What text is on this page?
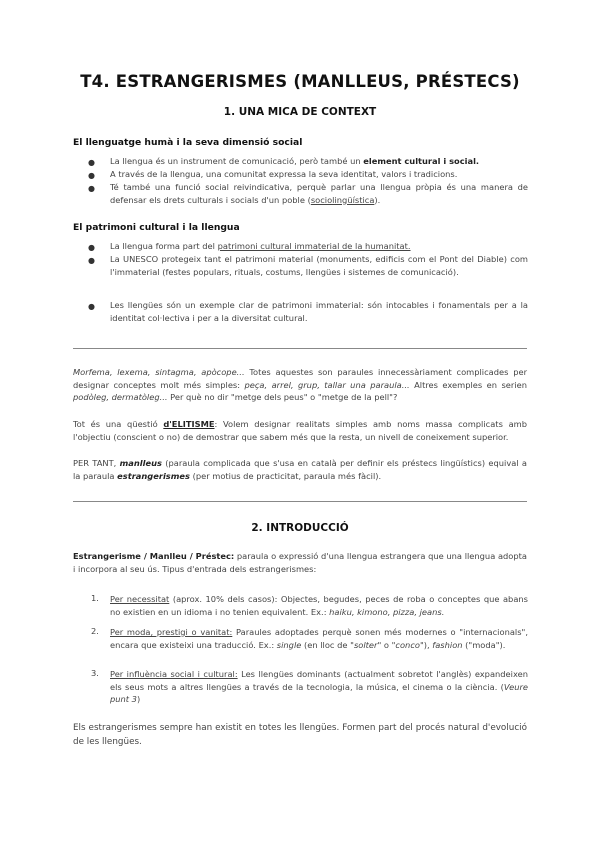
T4. ESTRANGERISMES (MANLLEUS, PRÉSTECS)
1. UNA MICA DE CONTEXT
El llenguatge humà i la seva dimensió social
● La llengua és un instrument de comunicació, però també un element cultural i social.
● A través de la llengua, una comunitat expressa la seva identitat, valors i tradicions.
● Té també una funció social reivindicativa, perquè parlar una llengua pròpia és una manera de defensar els drets culturals i socials d'un poble (sociolingüística).
El patrimoni cultural i la llengua
● La llengua forma part del patrimoni cultural immaterial de la humanitat.
● La UNESCO protegeix tant el patrimoni material (monuments, edificis com el Pont del Diable) com l'immaterial (festes populars, rituals, costums, llengües i sistemes de comunicació).
● Les llengües són un exemple clar de patrimoni immaterial: són intocables i fonamentals per a la identitat col·lectiva i per a la diversitat cultural.
Morfema, lexema, sintagma, apòcope... Totes aquestes son paraules innecessàriament complicades per designar conceptes molt més simples: peça, arrel, grup, tallar una paraula... Altres exemples en serien podòleg, dermatòleg... Per què no dir "metge dels peus" o "metge de la pell"?
Tot és una qüestió d'ELITISME: Volem designar realitats simples amb noms massa complicats amb l'objectiu (conscient o no) de demostrar que sabem més que la resta, un nivell de coneixement superior.
PER TANT, manlleus (paraula complicada que s'usa en català per definir els préstecs lingüístics) equival a la paraula estrangerismes (per motius de practicitat, paraula més fàcil).
2. INTRODUCCIÓ
Estrangerisme / Manlleu / Préstec: paraula o expressió d'una llengua estrangera que una llengua adopta i incorpora al seu ús. Tipus d'entrada dels estrangerismes:
1. Per necessitat (aprox. 10% dels casos): Objectes, begudes, peces de roba o conceptes que abans no existien en un idioma i no tenien equivalent. Ex.: haiku, kimono, pizza, jeans.
2. Per moda, prestigi o vanitat: Paraules adoptades perquè sonen més modernes o "internacionals", encara que existeixi una traducció. Ex.: single (en lloc de "solter" o "conco"), fashion ("moda").
3. Per influència social i cultural: Les llengües dominants (actualment sobretot l'anglès) expandeixen els seus mots a altres llengües a través de la tecnologia, la música, el cinema o la ciència. (Veure punt 3)
Els estrangerismes sempre han existit en totes les llengües. Formen part del procés natural d'evolució de les llengües.
